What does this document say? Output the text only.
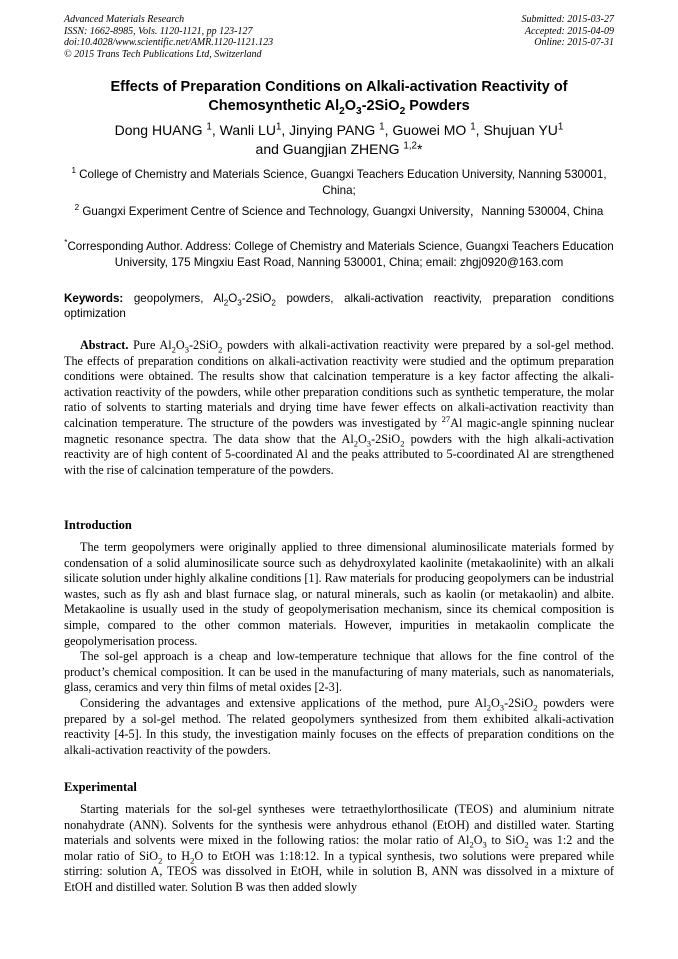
Advanced Materials Research
ISSN: 1662-8985, Vols. 1120-1121, pp 123-127
doi:10.4028/www.scientific.net/AMR.1120-1121.123
© 2015 Trans Tech Publications Ltd, Switzerland
Submitted: 2015-03-27
Accepted: 2015-04-09
Online: 2015-07-31
Effects of Preparation Conditions on Alkali-activation Reactivity of
Chemosynthetic $Al_2O_3-2SiO_2$ Powders
Dong HUANG $^1$, Wanli $LU^1$, Jinying PANG $^1$, Guowei MO $^1$, Shujuan $YU^1$
and Guangjian ZHENG $^{1,2}$*
$^1$ College of Chemistry and Materials Science, Guangxi Teachers Education University, Nanning 530001, China;
$^2$ Guangxi Experiment Centre of Science and Technology, Guangxi University，Nanning 530004, China
*Corresponding Author. Address: College of Chemistry and Materials Science, Guangxi Teachers Education University, 175 Mingxiu East Road, Nanning 530001, China; email: zhgj0920@163.com
Keywords: geopolymers, $Al_2O_3-2SiO_2$ powders, alkali-activation reactivity, preparation conditions optimization

Abstract. Pure $Al_2O_3-2SiO_2$ powders with alkali-activation reactivity were prepared by a sol-gel method. The effects of preparation conditions on alkali-activation reactivity were studied and the optimum preparation conditions were obtained. The results show that calcination temperature is a key factor affecting the alkali-activation reactivity of the powders, while other preparation conditions such as synthetic temperature, the molar ratio of solvents to starting materials and drying time have fewer effects on alkali-activation reactivity than calcination temperature. The structure of the powders was investigated by $^{27}$Al magic-angle spinning nuclear magnetic resonance spectra. The data show that the $Al_2O_3-2SiO_2$ powders with the high alkali-activation reactivity are of high content of 5-coordinated Al and the peaks attributed to 5-coordinated Al are strengthened with the rise of calcination temperature of the powders.

Introduction

The term geopolymers were originally applied to three dimensional aluminosilicate materials formed by condensation of a solid aluminosilicate source such as dehydroxylated kaolinite (metakaolinite) with an alkali silicate solution under highly alkaline conditions [1]. Raw materials for producing geopolymers can be industrial wastes, such as fly ash and blast furnace slag, or natural minerals, such as kaolin (or metakaolin) and albite. Metakaoline is usually used in the study of geopolymerisation mechanism, since its chemical composition is simple, compared to the other common materials. However, impurities in metakaolin complicate the geopolymerisation process.

The sol-gel approach is a cheap and low-temperature technique that allows for the fine control of the product’s chemical composition. It can be used in the manufacturing of many materials, such as nanomaterials, glass, ceramics and very thin films of metal oxides [2-3].

Considering the advantages and extensive applications of the method, pure $Al_2O_3-2SiO_2$ powders were prepared by a sol-gel method. The related geopolymers synthesized from them exhibited alkali-activation reactivity [4-5]. In this study, the investigation mainly focuses on the effects of preparation conditions on the alkali-activation reactivity of the powders.

Experimental

Starting materials for the sol-gel syntheses were tetraethylorthosilicate (TEOS) and aluminium nitrate nonahydrate (ANN). Solvents for the synthesis were anhydrous ethanol (EtOH) and distilled water. Starting materials and solvents were mixed in the following ratios: the molar ratio of $Al_2O_3$ to SiO$_2$ was 1:2 and the molar ratio of SiO$_2$ to $H_2O$ to EtOH was 1:18:12. In a typical synthesis, two solutions were prepared while stirring: solution A, TEOS was dissolved in EtOH, while in solution B, ANN was dissolved in a mixture of EtOH and distilled water. Solution B was then added slowly
